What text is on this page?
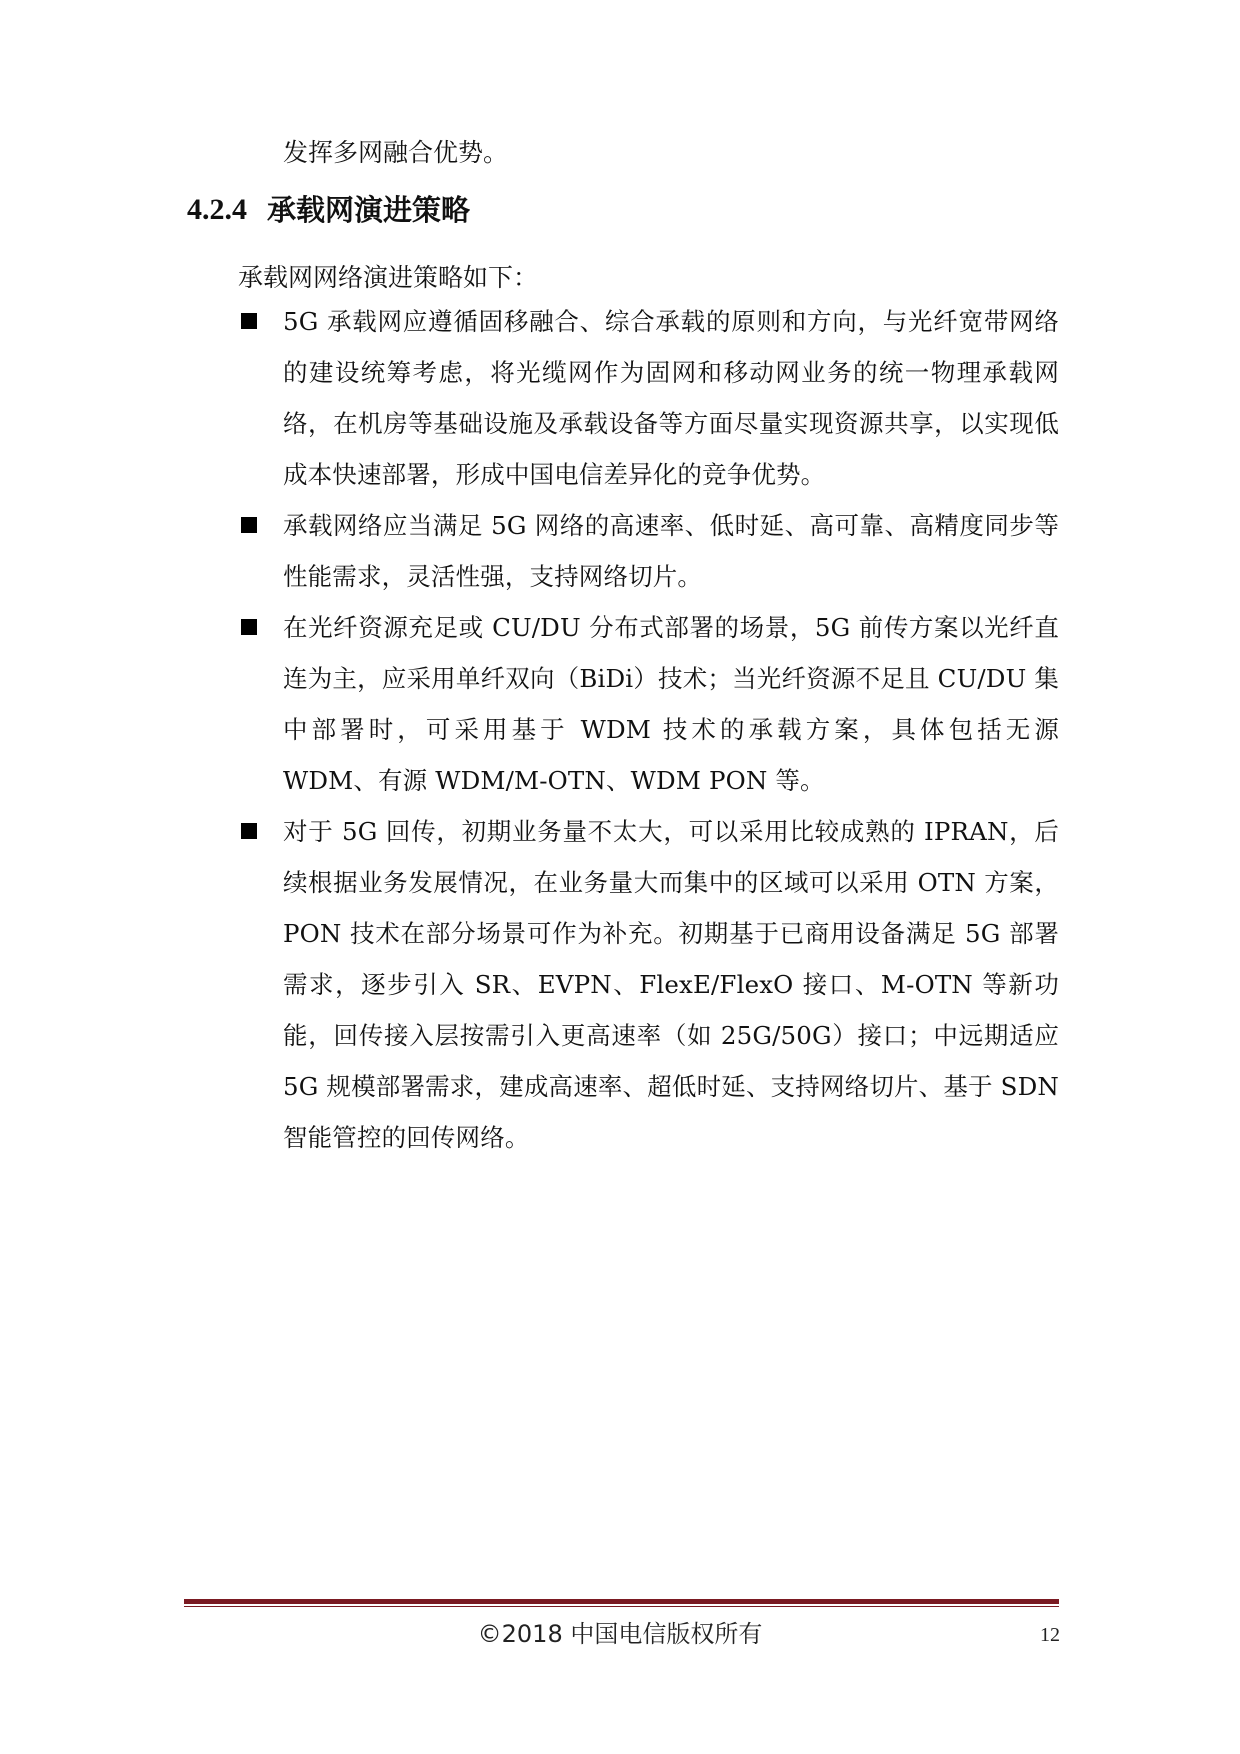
发挥多网融合优势。

4.2.4 承载网演进策略

承载网网络演进策略如下：

5G 承载网应遵循固移融合、综合承载的原则和方向，与光纤宽带网络的建设统筹考虑，将光缆网作为固网和移动网业务的统一物理承载网络，在机房等基础设施及承载设备等方面尽量实现资源共享，以实现低成本快速部署，形成中国电信差异化的竞争优势。
承载网络应当满足 5G 网络的高速率、低时延、高可靠、高精度同步等性能需求，灵活性强，支持网络切片。
在光纤资源充足或 CU/DU 分布式部署的场景，5G 前传方案以光纤直连为主，应采用单纤双向（BiDi）技术；当光纤资源不足且 CU/DU 集中部署时，可采用基于 WDM 技术的承载方案，具体包括无源 WDM、有源 WDM/M-OTN、WDM PON 等。
对于 5G 回传，初期业务量不太大，可以采用比较成熟的 IPRAN，后续根据业务发展情况，在业务量大而集中的区域可以采用 OTN 方案，PON 技术在部分场景可作为补充。初期基于已商用设备满足 5G 部署需求，逐步引入 SR、EVPN、FlexE/FlexO 接口、M-OTN 等新功能，回传接入层按需引入更高速率（如 25G/50G）接口；中远期适应 5G 规模部署需求，建成高速率、超低时延、支持网络切片、基于 SDN 智能管控的回传网络。
©2018 中国电信版权所有	12
